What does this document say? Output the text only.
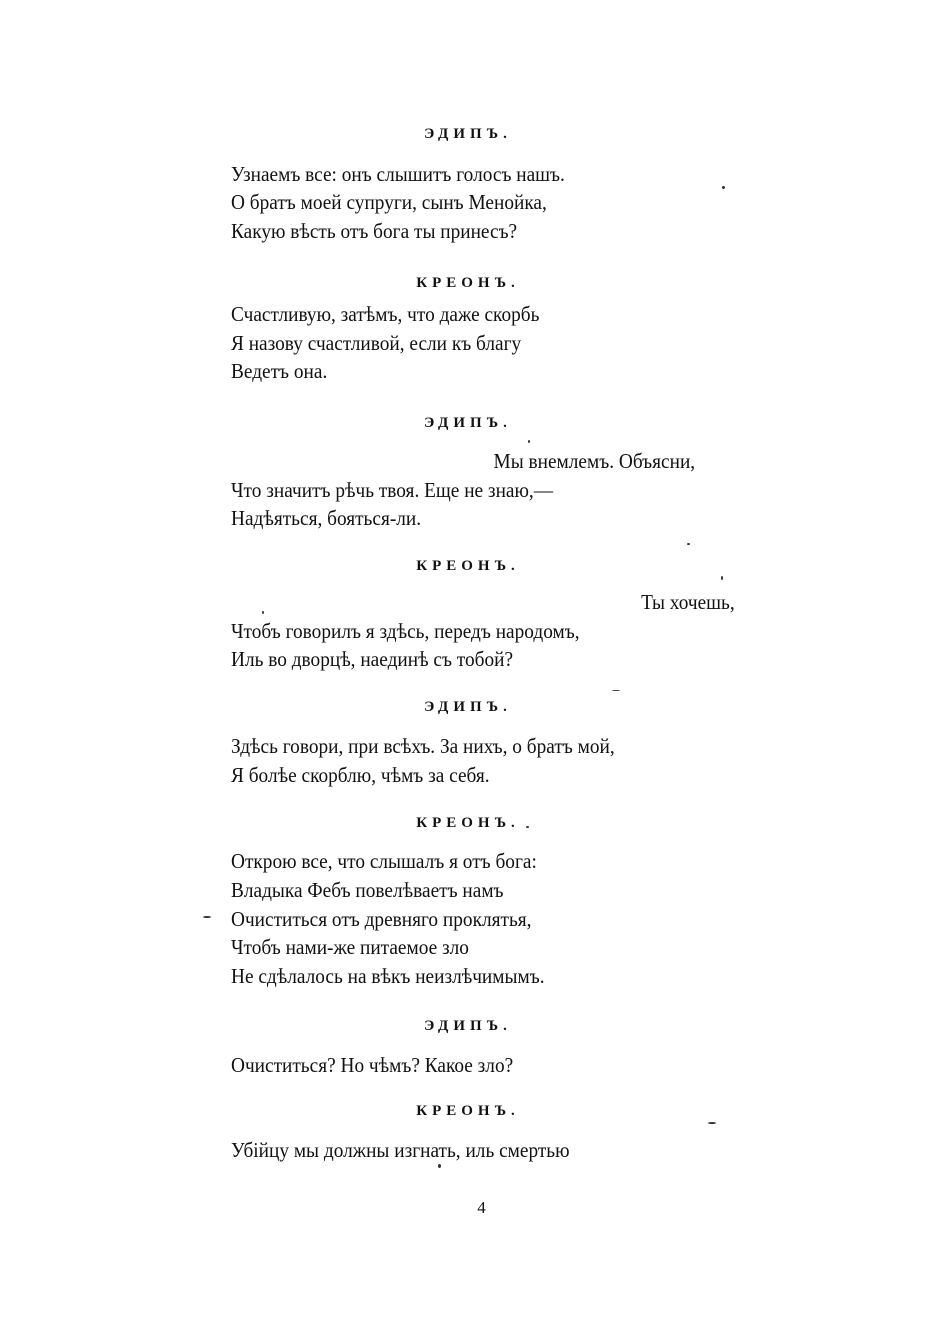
ЭДИПЪ.
Узнаемъ все: онъ слышитъ голосъ нашъ.
О братъ моей супруги, сынъ Менойка,
Какую вѣсть отъ бога ты принесъ?
КРЕОНЪ.
Счастливую, затѣмъ, что даже скорбь
Я назову счастливой, если къ благу
Ведетъ она.
ЭДИПЪ.
Мы внемлемъ. Объясни,
Что значитъ рѣчь твоя. Еще не знаю,—
Надѣяться, бояться-ли.
КРЕОНЪ.
Ты хочешь,
Чтобъ говорилъ я здѣсь, передъ народомъ,
Иль во дворцѣ, наединѣ съ тобой?
ЭДИПЪ.
Здѣсь говори, при всѣхъ. За нихъ, о братъ мой,
Я болѣе скорблю, чѣмъ за себя.
КРЕОНЪ.
Открою все, что слышалъ я отъ бога:
Владыка Фебъ повелѣваетъ намъ
Очиститься отъ древняго проклятья,
Чтобъ нами-же питаемое зло
Не сдѣлалось на вѣкъ неизлѣчимымъ.
ЭДИПЪ.
Очиститься? Но чѣмъ? Какое зло?
КРЕОНЪ.
Убійцу мы должны изгнать, иль смертью
4
